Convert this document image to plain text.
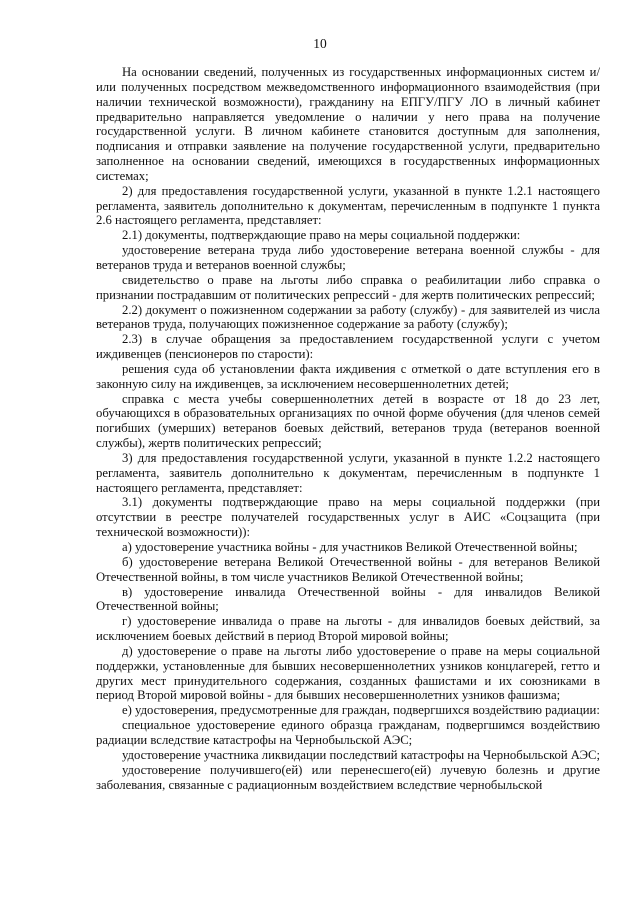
10

На основании сведений, полученных из государственных информационных систем и/или полученных посредством межведомственного информационного взаимодействия (при наличии технической возможности), гражданину на ЕПГУ/ПГУ ЛО в личный кабинет предварительно направляется уведомление о наличии у него права на получение государственной услуги. В личном кабинете становится доступным для заполнения, подписания и отправки заявление на получение государственной услуги, предварительно заполненное на основании сведений, имеющихся в государственных информационных системах;

2) для предоставления государственной услуги, указанной в пункте 1.2.1 настоящего регламента, заявитель дополнительно к документам, перечисленным в подпункте 1 пункта 2.6 настоящего регламента, представляет:

2.1) документы, подтверждающие право на меры социальной поддержки:

удостоверение ветерана труда либо удостоверение ветерана военной службы - для ветеранов труда и ветеранов военной службы;

свидетельство о праве на льготы либо справка о реабилитации либо справка о признании пострадавшим от политических репрессий - для жертв политических репрессий;

2.2) документ о пожизненном содержании за работу (службу) - для заявителей из числа ветеранов труда, получающих пожизненное содержание за работу (службу);

2.3) в случае обращения за предоставлением государственной услуги с учетом иждивенцев (пенсионеров по старости):

решения суда об установлении факта иждивения с отметкой о дате вступления его в законную силу на иждивенцев, за исключением несовершеннолетних детей;

справка с места учебы совершеннолетних детей в возрасте от 18 до 23 лет, обучающихся в образовательных организациях по очной форме обучения (для членов семей погибших (умерших) ветеранов боевых действий, ветеранов труда (ветеранов военной службы), жертв политических репрессий;

3) для предоставления государственной услуги, указанной в пункте 1.2.2 настоящего регламента, заявитель дополнительно к документам, перечисленным в подпункте 1 настоящего регламента, представляет:

3.1) документы подтверждающие право на меры социальной поддержки (при отсутствии в реестре получателей государственных услуг в АИС «Соцзащита (при технической возможности)):

а) удостоверение участника войны - для участников Великой Отечественной войны;

б) удостоверение ветерана Великой Отечественной войны - для ветеранов Великой Отечественной войны, в том числе участников Великой Отечественной войны;

в) удостоверение инвалида Отечественной войны - для инвалидов Великой Отечественной войны;

г) удостоверение инвалида о праве на льготы - для инвалидов боевых действий, за исключением боевых действий в период Второй мировой войны;

д) удостоверение о праве на льготы либо удостоверение о праве на меры социальной поддержки, установленные для бывших несовершеннолетних узников концлагерей, гетто и других мест принудительного содержания, созданных фашистами и их союзниками в период Второй мировой войны - для бывших несовершеннолетних узников фашизма;

е) удостоверения, предусмотренные для граждан, подвергшихся воздействию радиации:

специальное удостоверение единого образца гражданам, подвергшимся воздействию радиации вследствие катастрофы на Чернобыльской АЭС;

удостоверение участника ликвидации последствий катастрофы на Чернобыльской АЭС;

удостоверение получившего(ей) или перенесшего(ей) лучевую болезнь и другие заболевания, связанные с радиационным воздействием вследствие чернобыльской
